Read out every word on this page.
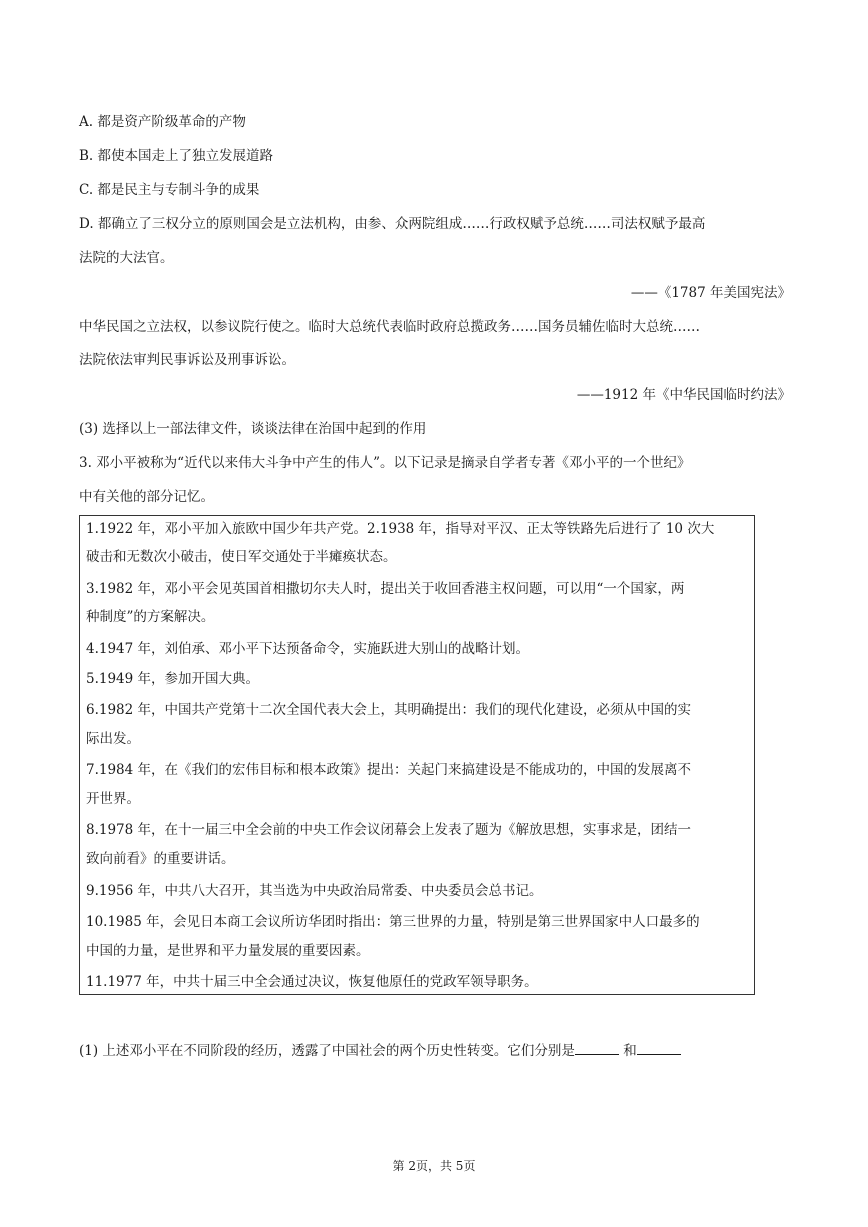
A. 都是资产阶级革命的产物
B. 都使本国走上了独立发展道路
C. 都是民主与专制斗争的成果
D. 都确立了三权分立的原则国会是立法机构，由参、众两院组成……行政权赋予总统……司法权赋予最高
法院的大法官。
——《1787 年美国宪法》
中华民国之立法权，以参议院行使之。临时大总统代表临时政府总揽政务……国务员辅佐临时大总统……
法院依法审判民事诉讼及刑事诉讼。
——1912 年《中华民国临时约法》
(3) 选择以上一部法律文件，谈谈法律在治国中起到的作用
3. 邓小平被称为“近代以来伟大斗争中产生的伟人”。以下记录是摘录自学者专著《邓小平的一个世纪》
中有关他的部分记忆。
1.1922 年，邓小平加入旅欧中国少年共产党。2.1938 年，指导对平汉、正太等铁路先后进行了 10 次大
破击和无数次小破击，使日军交通处于半瘫痪状态。
3.1982 年，邓小平会见英国首相撒切尔夫人时，提出关于收回香港主权问题，可以用“一个国家，两
种制度”的方案解决。
4.1947 年，刘伯承、邓小平下达预备命令，实施跃进大别山的战略计划。
5.1949 年，参加开国大典。
6.1982 年，中国共产党第十二次全国代表大会上，其明确提出：我们的现代化建设，必须从中国的实
际出发。
7.1984 年，在《我们的宏伟目标和根本政策》提出：关起门来搞建设是不能成功的，中国的发展离不
开世界。
8.1978 年，在十一届三中全会前的中央工作会议闭幕会上发表了题为《解放思想，实事求是，团结一
致向前看》的重要讲话。
9.1956 年，中共八大召开，其当选为中央政治局常委、中央委员会总书记。
10.1985 年，会见日本商工会议所访华团时指出：第三世界的力量，特别是第三世界国家中人口最多的
中国的力量，是世界和平力量发展的重要因素。
11.1977 年，中共十届三中全会通过决议，恢复他原任的党政军领导职务。
(1) 上述邓小平在不同阶段的经历，透露了中国社会的两个历史性转变。它们分别是	和
第 2页，共 5页
